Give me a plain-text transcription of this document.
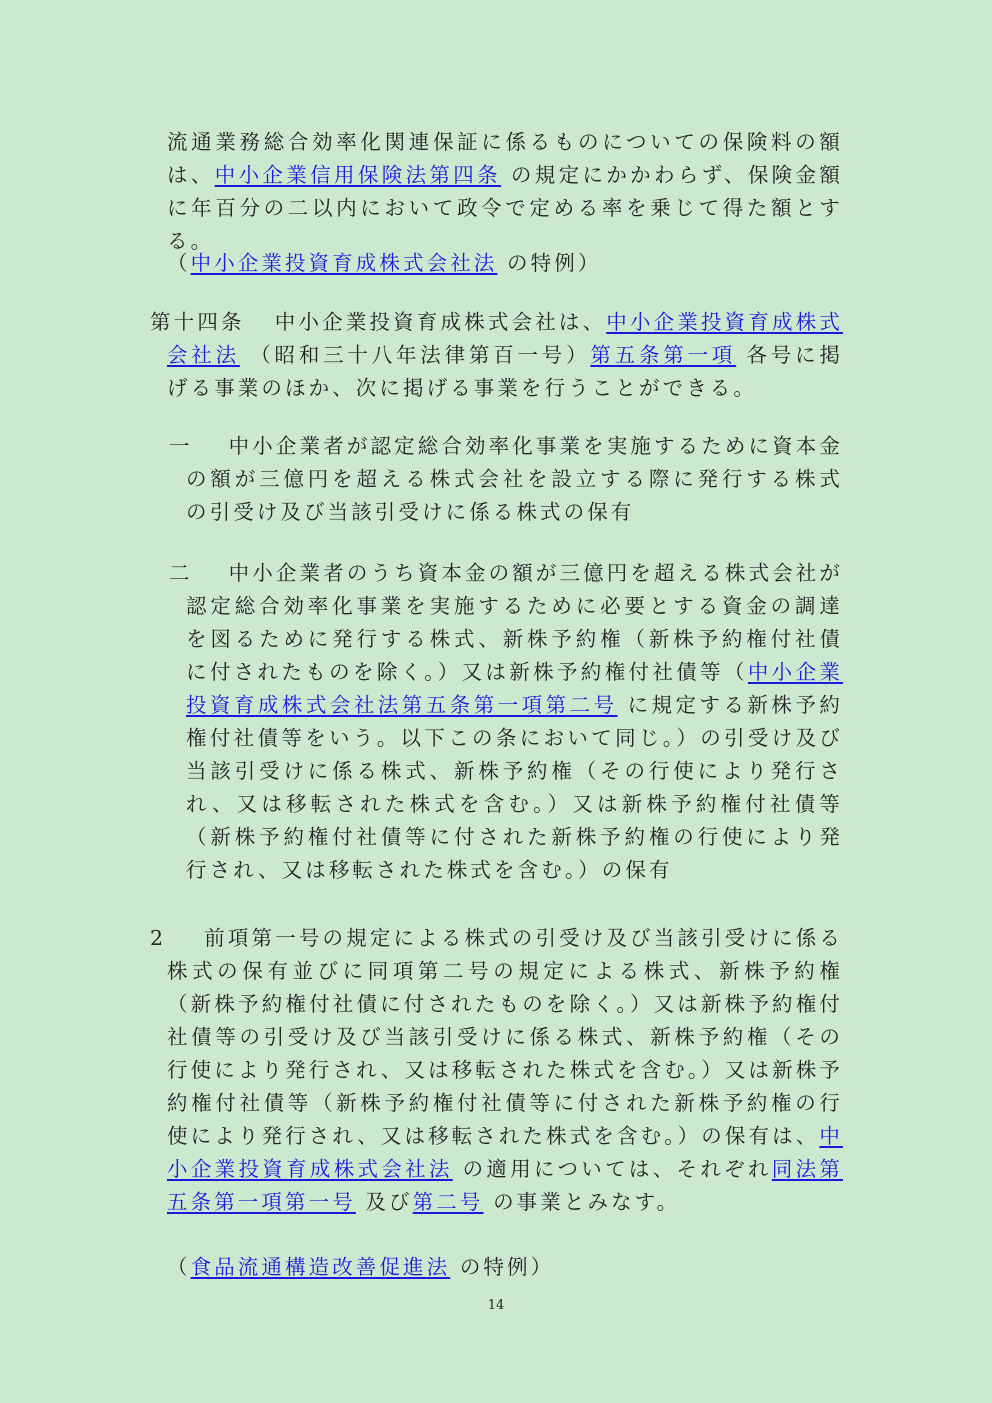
流通業務総合効率化関連保証に係るものについての保険料の額は、中小企業信用保険法第四条 の規定にかかわらず、保険金額に年百分の二以内において政令で定める率を乗じて得た額とする。
（中小企業投資育成株式会社法 の特例）
第十四条 中小企業投資育成株式会社は、中小企業投資育成株式会社法 （昭和三十八年法律第百一号）第五条第一項 各号に掲げる事業のほか、次に掲げる事業を行うことができる。
一 中小企業者が認定総合効率化事業を実施するために資本金の額が三億円を超える株式会社を設立する際に発行する株式の引受け及び当該引受けに係る株式の保有
二 中小企業者のうち資本金の額が三億円を超える株式会社が認定総合効率化事業を実施するために必要とする資金の調達を図るために発行する株式、新株予約権（新株予約権付社債に付されたものを除く。）又は新株予約権付社債等（中小企業投資育成株式会社法第五条第一項第二号 に規定する新株予約権付社債等をいう。以下この条において同じ。）の引受け及び当該引受けに係る株式、新株予約権（その行使により発行され、又は移転された株式を含む。）又は新株予約権付社債等（新株予約権付社債等に付された新株予約権の行使により発行され、又は移転された株式を含む。）の保有
2 前項第一号の規定による株式の引受け及び当該引受けに係る株式の保有並びに同項第二号の規定による株式、新株予約権（新株予約権付社債に付されたものを除く。）又は新株予約権付社債等の引受け及び当該引受けに係る株式、新株予約権（その行使により発行され、又は移転された株式を含む。）又は新株予約権付社債等（新株予約権付社債等に付された新株予約権の行使により発行され、又は移転された株式を含む。）の保有は、中小企業投資育成株式会社法 の適用については、それぞれ同法第五条第一項第一号 及び第二号 の事業とみなす。
（食品流通構造改善促進法 の特例）
14
